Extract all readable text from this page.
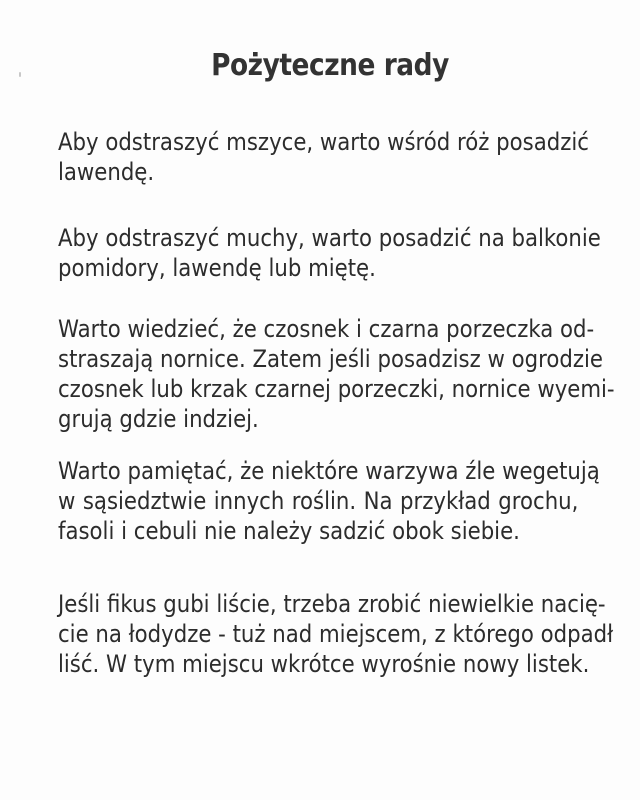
Pożyteczne rady

Aby odstraszyć mszyce, warto wśród róż posadzić
lawendę.

Aby odstraszyć muchy, warto posadzić na balkonie
pomidory, lawendę lub miętę.

Warto wiedzieć, że czosnek i czarna porzeczka od-
straszają nornice. Zatem jeśli posadzisz w ogrodzie
czosnek lub krzak czarnej porzeczki, nornice wyemi-
grują gdzie indziej.

Warto pamiętać, że niektóre warzywa źle wegetują
w sąsiedztwie innych roślin. Na przykład grochu,
fasoli i cebuli nie należy sadzić obok siebie.

Jeśli fikus gubi liście, trzeba zrobić niewielkie nacię-
cie na łodydze - tuż nad miejscem, z którego odpadł
liść. W tym miejscu wkrótce wyrośnie nowy listek.
